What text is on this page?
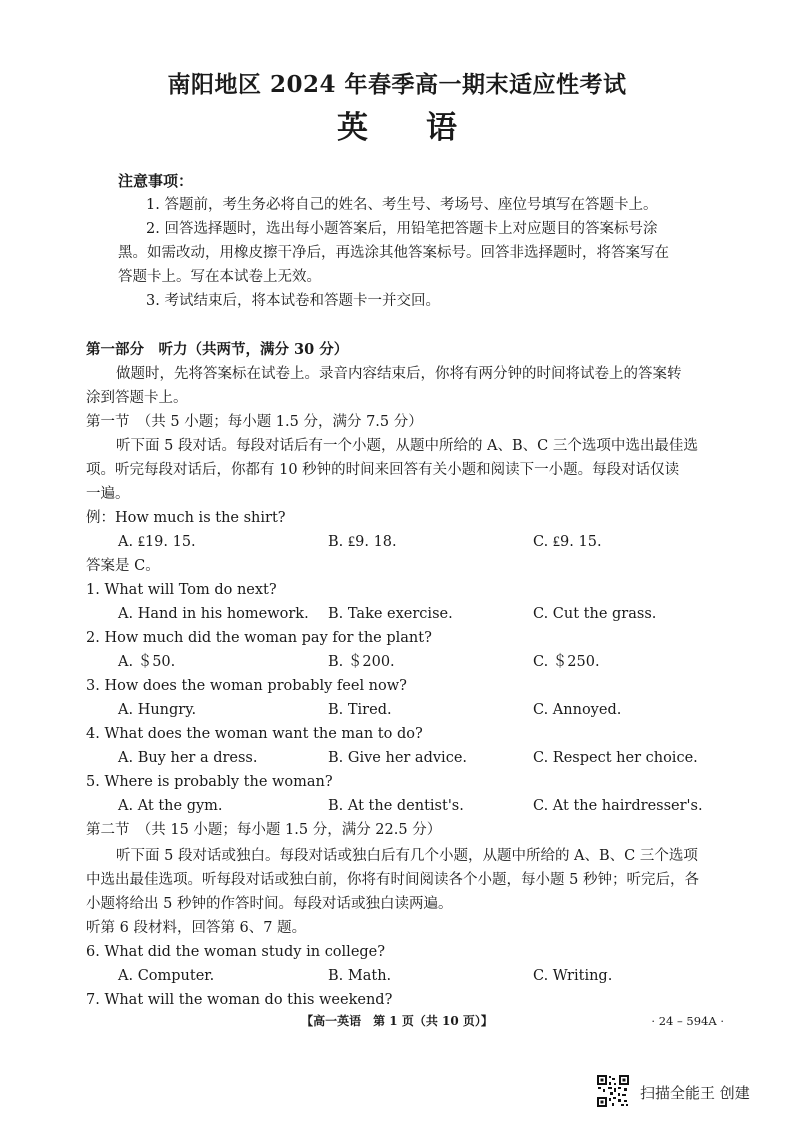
南阳地区 2024 年春季高一期末适应性考试
英语
注意事项：
1. 答题前，考生务必将自己的姓名、考生号、考场号、座位号填写在答题卡上。
2. 回答选择题时，选出每小题答案后，用铅笔把答题卡上对应题目的答案标号涂
黑。如需改动，用橡皮擦干净后，再选涂其他答案标号。回答非选择题时，将答案写在
答题卡上。写在本试卷上无效。
3. 考试结束后，将本试卷和答题卡一并交回。
第一部分　听力（共两节，满分 30 分）
做题时，先将答案标在试卷上。录音内容结束后，你将有两分钟的时间将试卷上的答案转
涂到答题卡上。
第一节　（共 5 小题；每小题 1.5 分，满分 7.5 分）
听下面 5 段对话。每段对话后有一个小题，从题中所给的 A、B、C 三个选项中选出最佳选
项。听完每段对话后，你都有 10 秒钟的时间来回答有关小题和阅读下一小题。每段对话仅读
一遍。
例：How much is the shirt?
A. ₤19. 15.	B. ₤9. 18.	C. ₤9. 15.
答案是 C。
1. What will Tom do next?
A. Hand in his homework. B. Take exercise.	C. Cut the grass.
2. How much did the woman pay for the plant?
A. ＄50.	B. ＄200.	C. ＄250.
3. How does the woman probably feel now?
A. Hungry.	B. Tired.	C. Annoyed.
4. What does the woman want the man to do?
A. Buy her a dress.	B. Give her advice.	C. Respect her choice.
5. Where is probably the woman?
A. At the gym.	B. At the dentist's.	C. At the hairdresser's.
第二节　（共 15 小题；每小题 1.5 分，满分 22.5 分）
听下面 5 段对话或独白。每段对话或独白后有几个小题，从题中所给的 A、B、C 三个选项
中选出最佳选项。听每段对话或独白前，你将有时间阅读各个小题，每小题 5 秒钟；听完后，各
小题将给出 5 秒钟的作答时间。每段对话或独白读两遍。
听第 6 段材料，回答第 6、7 题。
6. What did the woman study in college?
A. Computer.	B. Math.	C. Writing.
7. What will the woman do this weekend?
【高一英语　第 1 页（共 10 页）】	· 24 – 594A ·
扫描全能王 创建
